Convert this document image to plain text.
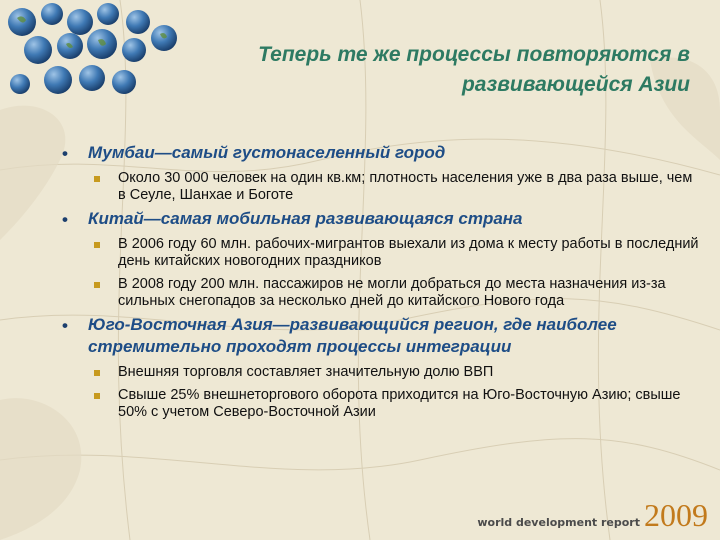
Теперь те же процессы повторяются в
развивающейся Азии
• Мумбаи—самый густонаселенный город
Около 30 000 человек на один кв.км; плотность населения уже в два раза выше, чем в Сеуле, Шанхае и Боготе
• Китай—самая мобильная развивающаяся страна
В 2006 году 60 млн. рабочих-мигрантов выехали из дома к месту работы в последний день китайских новогодних праздников
В 2008 году 200 млн. пассажиров не могли добраться до места назначения из-за сильных снегопадов за несколько дней до китайского Нового года
• Юго-Восточная Азия—развивающийся регион, где наиболее стремительно проходят процессы интеграции
Внешняя торговля составляет значительную долю ВВП
Свыше 25% внешнеторгового оборота приходится на Юго-Восточную Азию; свыше 50% с учетом Северо-Восточной Азии
world development report 2009
